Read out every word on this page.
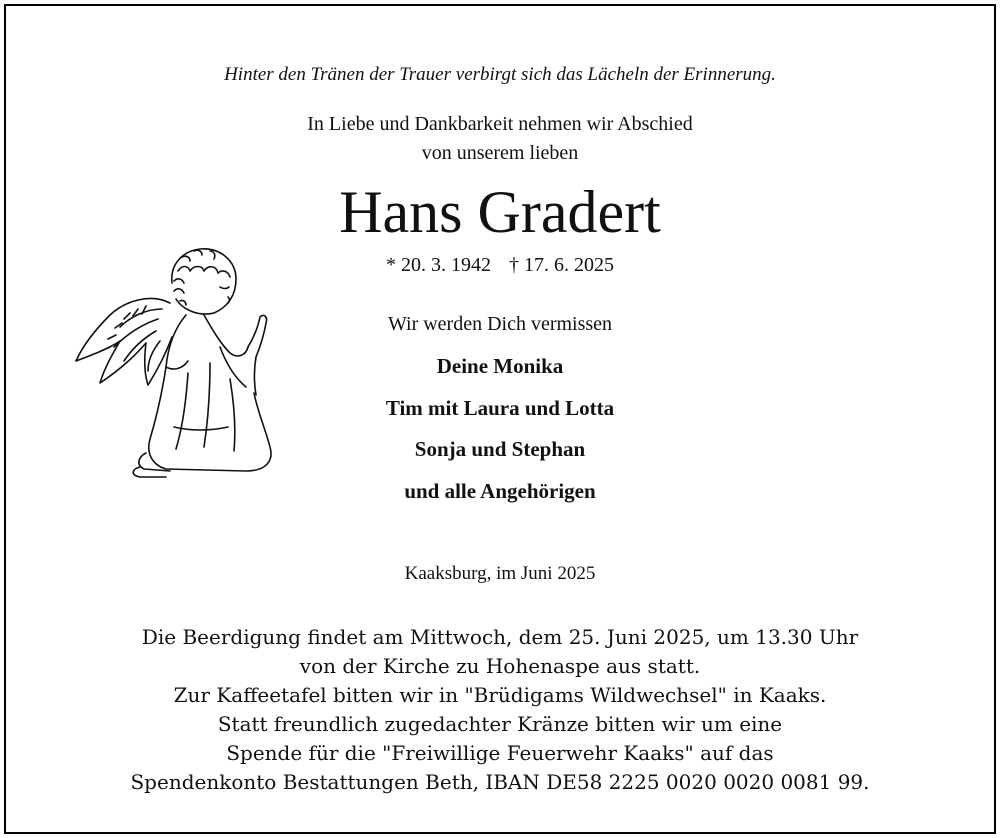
Hinter den Tränen der Trauer verbirgt sich das Lächeln der Erinnerung.
In Liebe und Dankbarkeit nehmen wir Abschied
von unserem lieben
Hans Gradert
* 20. 3. 1942 † 17. 6. 2025
Wir werden Dich vermissen
Deine Monika
Tim mit Laura und Lotta
Sonja und Stephan
und alle Angehörigen
Kaaksburg, im Juni 2025
Die Beerdigung findet am Mittwoch, dem 25. Juni 2025, um 13.30 Uhr
von der Kirche zu Hohenaspe aus statt.
Zur Kaffeetafel bitten wir in "Brüdigams Wildwechsel" in Kaaks.
Statt freundlich zugedachter Kränze bitten wir um eine
Spende für die "Freiwillige Feuerwehr Kaaks" auf das
Spendenkonto Bestattungen Beth, IBAN DE58 2225 0020 0020 0081 99.
